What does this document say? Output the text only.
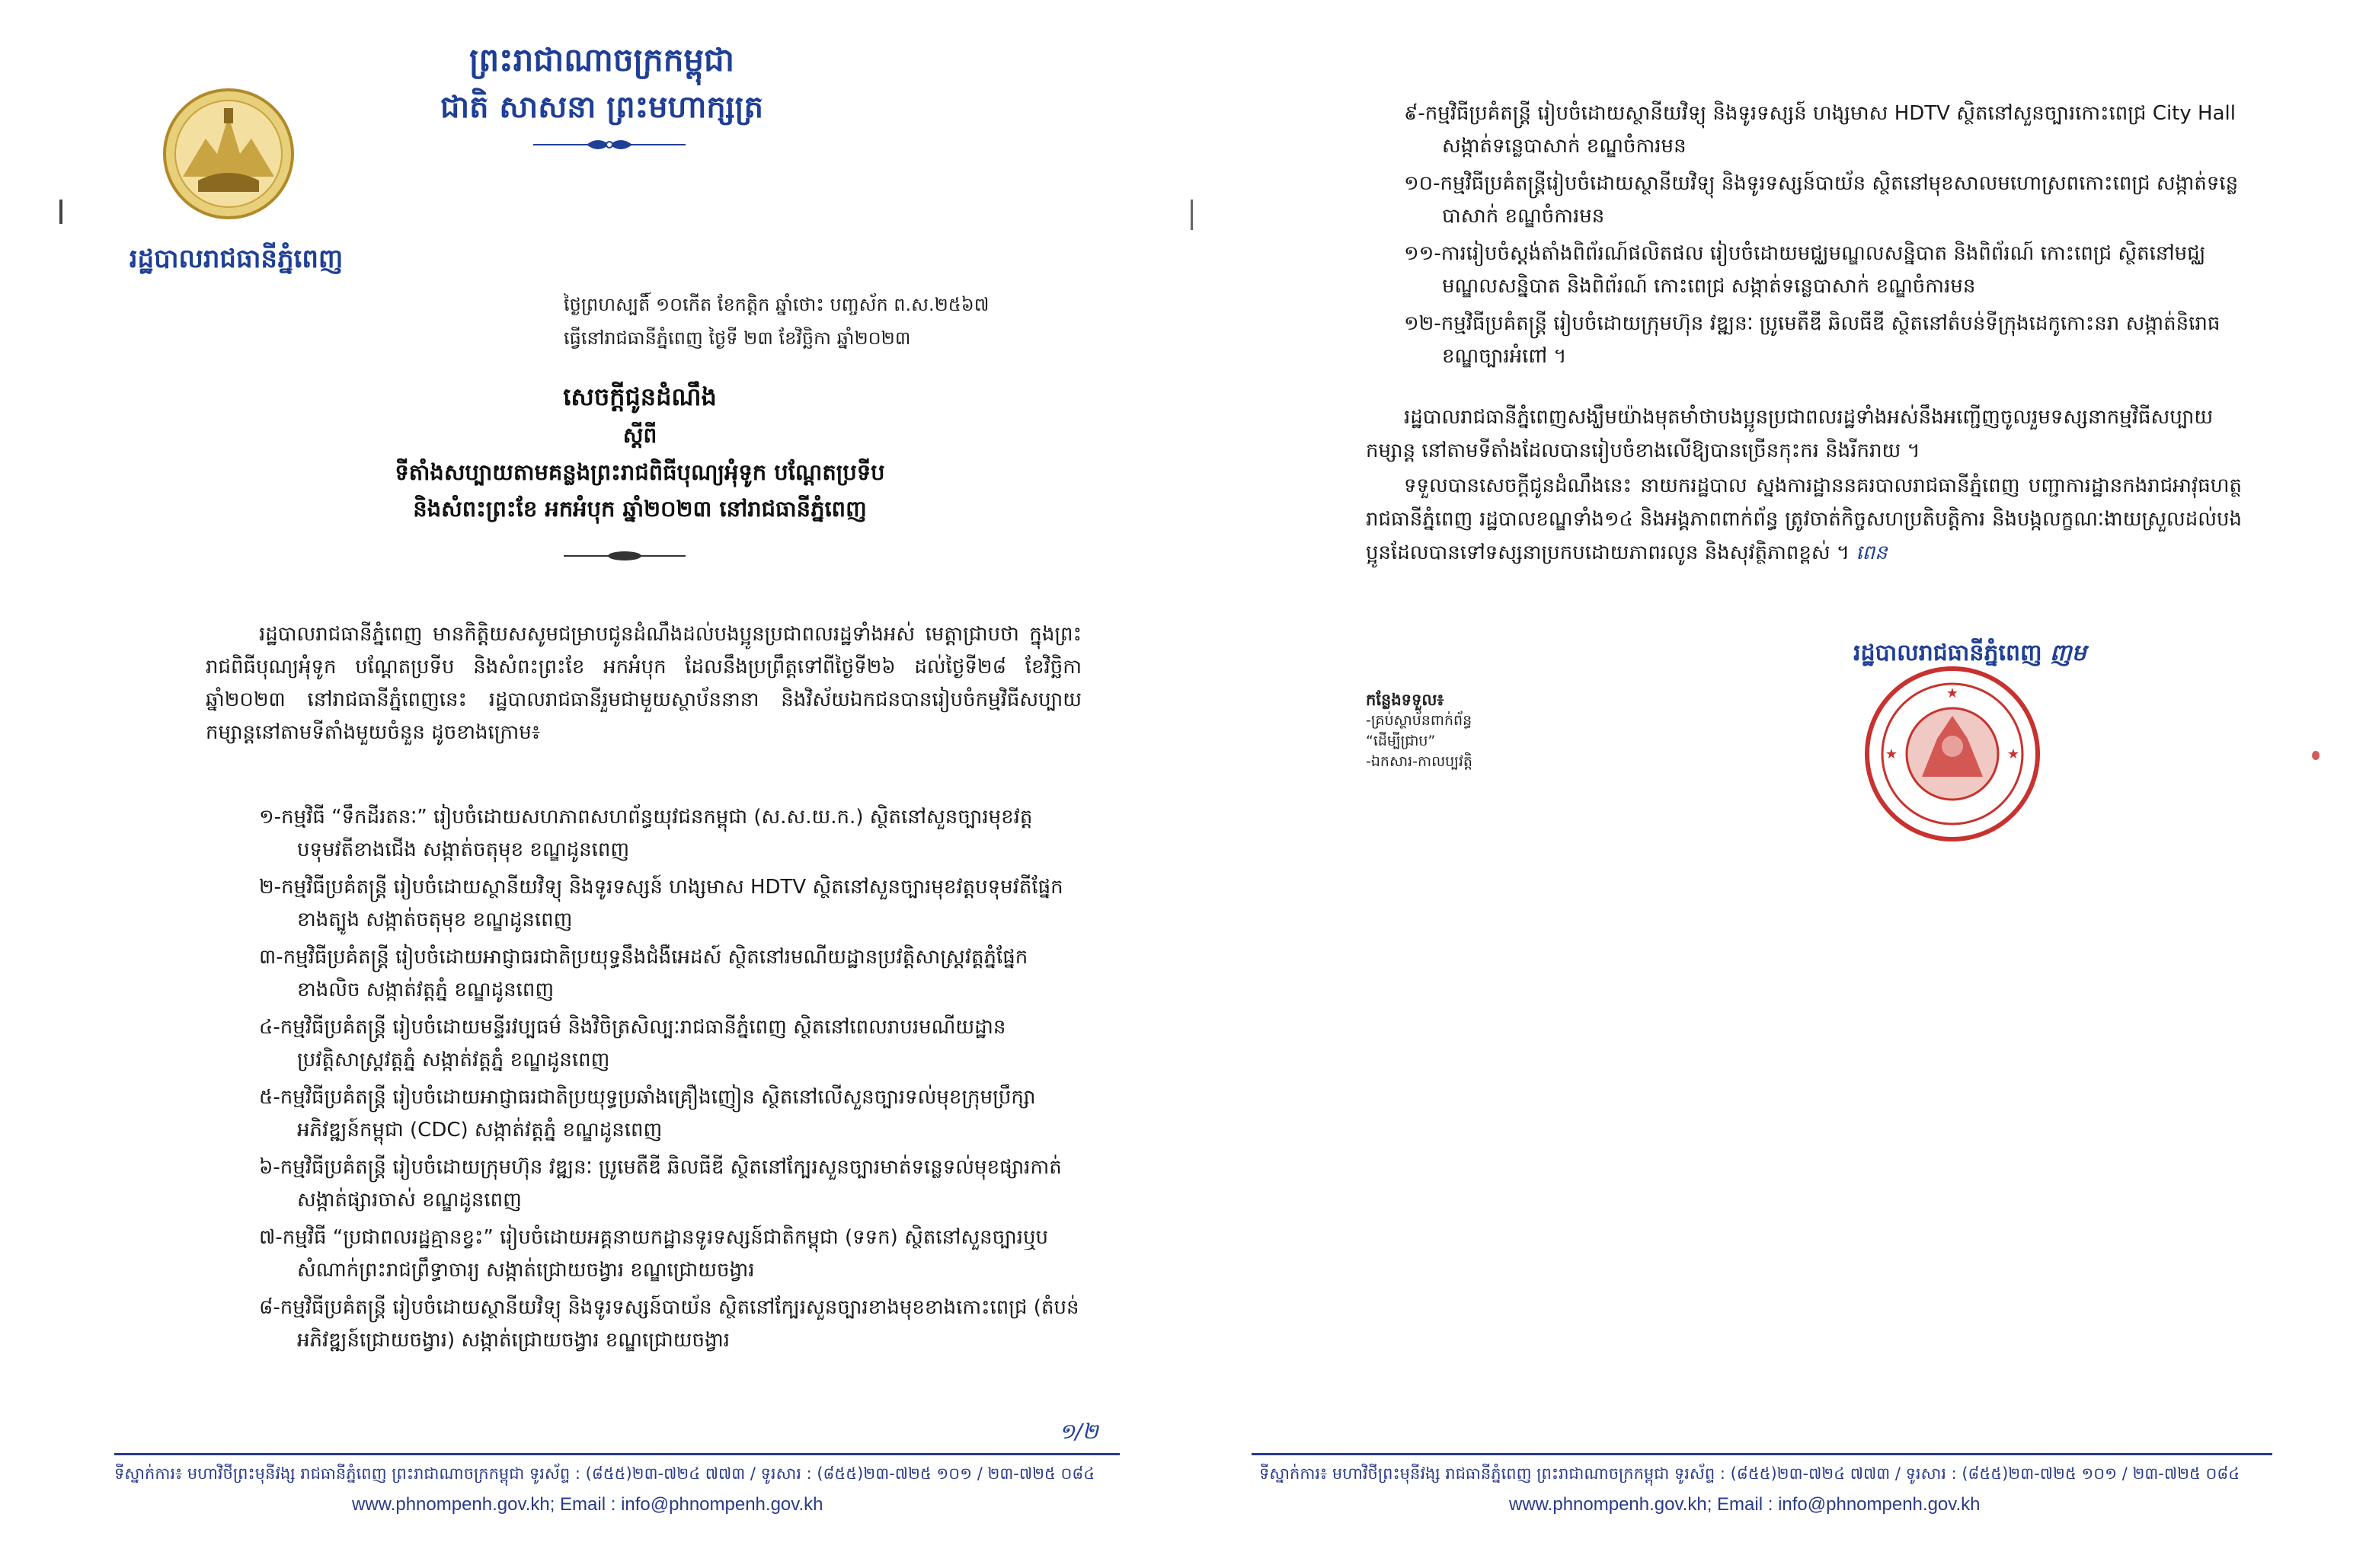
ព្រះរាជាណាចក្រកម្ពុជា
ជាតិ សាសនា ព្រះមហាក្សត្រ
រដ្ឋបាលរាជធានីភ្នំពេញ
ថ្ងៃព្រហស្បតិ៍ ១០កើត ខែកត្តិក ឆ្នាំថោះ បញ្ចស័ក ព.ស.២៥៦៧
ធ្វើនៅរាជធានីភ្នំពេញ ថ្ងៃទី ២៣ ខែវិច្ឆិកា ឆ្នាំ២០២៣
សេចក្តីជូនដំណឹង
ស្តីពី
ទីតាំងសប្បាយតាមគន្លងព្រះរាជពិធីបុណ្យអុំទូក បណ្តែតប្រទីប
និងសំពះព្រះខែ អកអំបុក ឆ្នាំ២០២៣ នៅរាជធានីភ្នំពេញ
រដ្ឋបាលរាជធានីភ្នំពេញ មានកិត្តិយសសូមជម្រាបជូនដំណឹងដល់បងប្អូនប្រជាពលរដ្ឋទាំងអស់ មេត្តាជ្រាបថា ក្នុងព្រះរាជពិធីបុណ្យអុំទូក បណ្តែតប្រទីប និងសំពះព្រះខែ អកអំបុក ដែលនឹងប្រព្រឹត្តទៅពីថ្ងៃទី២៦ ដល់ថ្ងៃទី២៨ ខែវិច្ឆិកា ឆ្នាំ២០២៣ នៅរាជធានីភ្នំពេញនេះ រដ្ឋបាលរាជធានីរួមជាមួយស្ថាប័ននានា និងវិស័យឯកជនបានរៀបចំកម្មវិធីសប្បាយកម្សាន្តនៅតាមទីតាំងមួយចំនួន ដូចខាងក្រោម៖
១-កម្មវិធី “ទឹកដីរតនៈ” រៀបចំដោយសហភាពសហព័ន្ធយុវជនកម្ពុជា (ស.ស.យ.ក.) ស្ថិតនៅសួនច្បារមុខវត្តបទុមវតីខាងជើង សង្កាត់ចតុមុខ ខណ្ឌដូនពេញ
២-កម្មវិធីប្រគំតន្ត្រី រៀបចំដោយស្ថានីយវិទ្យុ និងទូរទស្សន៍ ហង្សមាស HDTV ស្ថិតនៅសួនច្បារមុខវត្តបទុមវតីផ្នែកខាងត្បូង សង្កាត់ចតុមុខ ខណ្ឌដូនពេញ
៣-កម្មវិធីប្រគំតន្ត្រី រៀបចំដោយអាជ្ញាធរជាតិប្រយុទ្ធនឹងជំងឺអេដស៍ ស្ថិតនៅរមណីយដ្ឋានប្រវត្តិសាស្ត្រវត្តភ្នំផ្នែកខាងលិច សង្កាត់វត្តភ្នំ ខណ្ឌដូនពេញ
៤-កម្មវិធីប្រគំតន្ត្រី រៀបចំដោយមន្ទីរវប្បធម៌ និងវិចិត្រសិល្បៈរាជធានីភ្នំពេញ ស្ថិតនៅពេលរាបរមណីយដ្ឋានប្រវត្តិសាស្ត្រវត្តភ្នំ សង្កាត់វត្តភ្នំ ខណ្ឌដូនពេញ
៥-កម្មវិធីប្រគំតន្ត្រី រៀបចំដោយអាជ្ញាធរជាតិប្រយុទ្ធប្រឆាំងគ្រឿងញៀន ស្ថិតនៅលើសួនច្បារទល់មុខក្រុមប្រឹក្សាអភិវឌ្ឍន៍កម្ពុជា (CDC) សង្កាត់វត្តភ្នំ ខណ្ឌដូនពេញ
៦-កម្មវិធីប្រគំតន្ត្រី រៀបចំដោយក្រុមហ៊ុន វឌ្ឍនៈ ប្រូមេតឺឌី ឆិលធីឌី ស្ថិតនៅក្បែរសួនច្បារមាត់ទន្លេទល់មុខផ្សារកាត់ សង្កាត់ផ្សារចាស់ ខណ្ឌដូនពេញ
៧-កម្មវិធី “ប្រជាពលរដ្ឋគ្មានខ្វះ” រៀបចំដោយអគ្គនាយកដ្ឋានទូរទស្សន៍ជាតិកម្ពុជា (ទទក) ស្ថិតនៅសួនច្បារឬបសំណាក់ព្រះរាជព្រឹទ្ធាចារ្យ សង្កាត់ជ្រោយចង្វារ ខណ្ឌជ្រោយចង្វារ
៨-កម្មវិធីប្រគំតន្ត្រី រៀបចំដោយស្ថានីយវិទ្យុ និងទូរទស្សន៍បាយ័ន ស្ថិតនៅក្បែរសួនច្បារខាងមុខខាងកោះពេជ្រ (តំបន់អភិវឌ្ឍន៍ជ្រោយចង្វារ) សង្កាត់ជ្រោយចង្វារ ខណ្ឌជ្រោយចង្វារ
១/២
ទីស្នាក់ការ៖ មហាវិថីព្រះមុនីវង្ស រាជធានីភ្នំពេញ ព្រះរាជាណាចក្រកម្ពុជា ទូរស័ព្ទ : (៨៥៥)២៣-៧២៤ ៧៧៣ / ទូរសារ : (៨៥៥)២៣-៧២៥ ១០១ / ២៣-៧២៥ ០៨៤
www.phnompenh.gov.kh; Email : info@phnompenh.gov.kh
៩-កម្មវិធីប្រគំតន្ត្រី រៀបចំដោយស្ថានីយវិទ្យុ និងទូរទស្សន៍ ហង្សមាស HDTV ស្ថិតនៅសួនច្បារកោះពេជ្រ City Hall សង្កាត់ទន្លេបាសាក់ ខណ្ឌចំការមន
១០-កម្មវិធីប្រគំតន្ត្រីរៀបចំដោយស្ថានីយវិទ្យុ និងទូរទស្សន៍បាយ័ន ស្ថិតនៅមុខសាលមហោស្រពកោះពេជ្រ សង្កាត់ទន្លេបាសាក់ ខណ្ឌចំការមន
១១-ការរៀបចំស្តង់តាំងពិព័រណ៍ផលិតផល រៀបចំដោយមជ្ឈមណ្ឌលសន្និបាត និងពិព័រណ៍ កោះពេជ្រ ស្ថិតនៅមជ្ឈមណ្ឌលសន្និបាត និងពិព័រណ៍ កោះពេជ្រ សង្កាត់ទន្លេបាសាក់ ខណ្ឌចំការមន
១២-កម្មវិធីប្រគំតន្ត្រី រៀបចំដោយក្រុមហ៊ុន វឌ្ឍនៈ ប្រូមេតឺឌី ឆិលធីឌី ស្ថិតនៅតំបន់ទីក្រុងដេកូកោះនរា សង្កាត់និរោធ ខណ្ឌច្បារអំពៅ ។

រដ្ឋបាលរាជធានីភ្នំពេញសង្ឃឹមយ៉ាងមុតមាំថាបងប្អូនប្រជាពលរដ្ឋទាំងអស់នឹងអញ្ជើញចូលរួមទស្សនាកម្មវិធីសប្បាយកម្សាន្ត នៅតាមទីតាំងដែលបានរៀបចំខាងលើឱ្យបានច្រើនកុះករ និងរីករាយ ។

ទទួលបានសេចក្តីជូនដំណឹងនេះ នាយករដ្ឋបាល ស្នងការដ្ឋាននគរបាលរាជធានីភ្នំពេញ បញ្ជាការដ្ឋានកងរាជអាវុធហត្ថរាជធានីភ្នំពេញ រដ្ឋបាលខណ្ឌទាំង១៤ និងអង្គភាពពាក់ព័ន្ធ ត្រូវចាត់កិច្ចសហប្រតិបត្តិការ និងបង្កលក្ខណៈងាយស្រួលដល់បងប្អូនដែលបានទៅទស្សនាប្រកបដោយភាពរលូន និងសុវត្ថិភាពខ្ពស់ ។ ពេន

កន្លែងទទួល៖
-គ្រប់ស្ថាប័នពាក់ព័ន្ធ
“ដើម្បីជ្រាប”
-ឯកសារ-កាលប្បវត្តិ
★
★	★
រដ្ឋបាលរាជធានីភ្នំពេញ ញម
ទីស្នាក់ការ៖ មហាវិថីព្រះមុនីវង្ស រាជធានីភ្នំពេញ ព្រះរាជាណាចក្រកម្ពុជា ទូរស័ព្ទ : (៨៥៥)២៣-៧២៤ ៧៧៣ / ទូរសារ : (៨៥៥)២៣-៧២៥ ១០១ / ២៣-៧២៥ ០៨៤
www.phnompenh.gov.kh; Email : info@phnompenh.gov.kh
